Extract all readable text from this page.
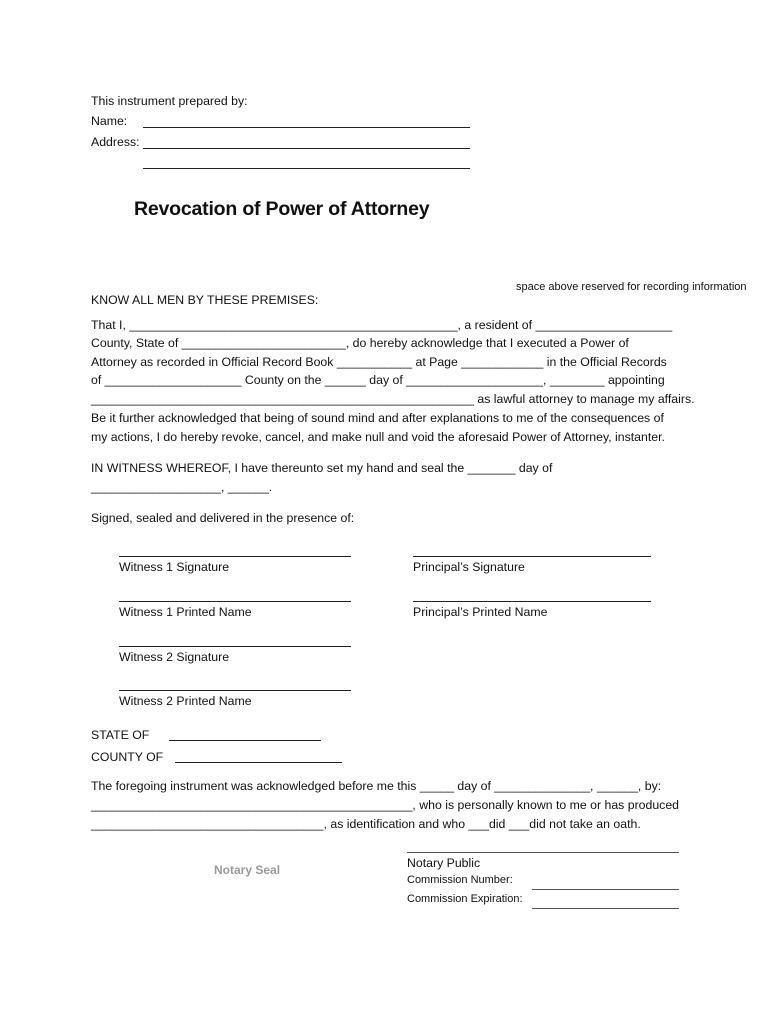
This instrument prepared by:
Name:
Address:
Revocation of Power of Attorney
space above reserved for recording information
KNOW ALL MEN BY THESE PREMISES:
That I, ________________________________________________, a resident of ____________________
County, State of ________________________, do hereby acknowledge that I executed a Power of
Attorney as recorded in Official Record Book ___________ at Page ____________ in the Official Records
of ____________________ County on the ______ day of ____________________, ________ appointing
________________________________________________________ as lawful attorney to manage my affairs.
Be it further acknowledged that being of sound mind and after explanations to me of the consequences of
my actions, I do hereby revoke, cancel, and make null and void the aforesaid Power of Attorney, instanter.
IN WITNESS WHEREOF, I have thereunto set my hand and seal the _______ day of
___________________, ______.
Signed, sealed and delivered in the presence of:
Witness 1 Signature	Principal’s Signature
Witness 1 Printed Name	Principal’s Printed Name
Witness 2 Signature
Witness 2 Printed Name
STATE OF
COUNTY OF
The foregoing instrument was acknowledged before me this _____ day of ______________, ______, by:
_______________________________________________, who is personally known to me or has produced
__________________________________, as identification and who ___did ___did not take an oath.
Notary Seal	Notary Public
Commission Number:
Commission Expiration:
